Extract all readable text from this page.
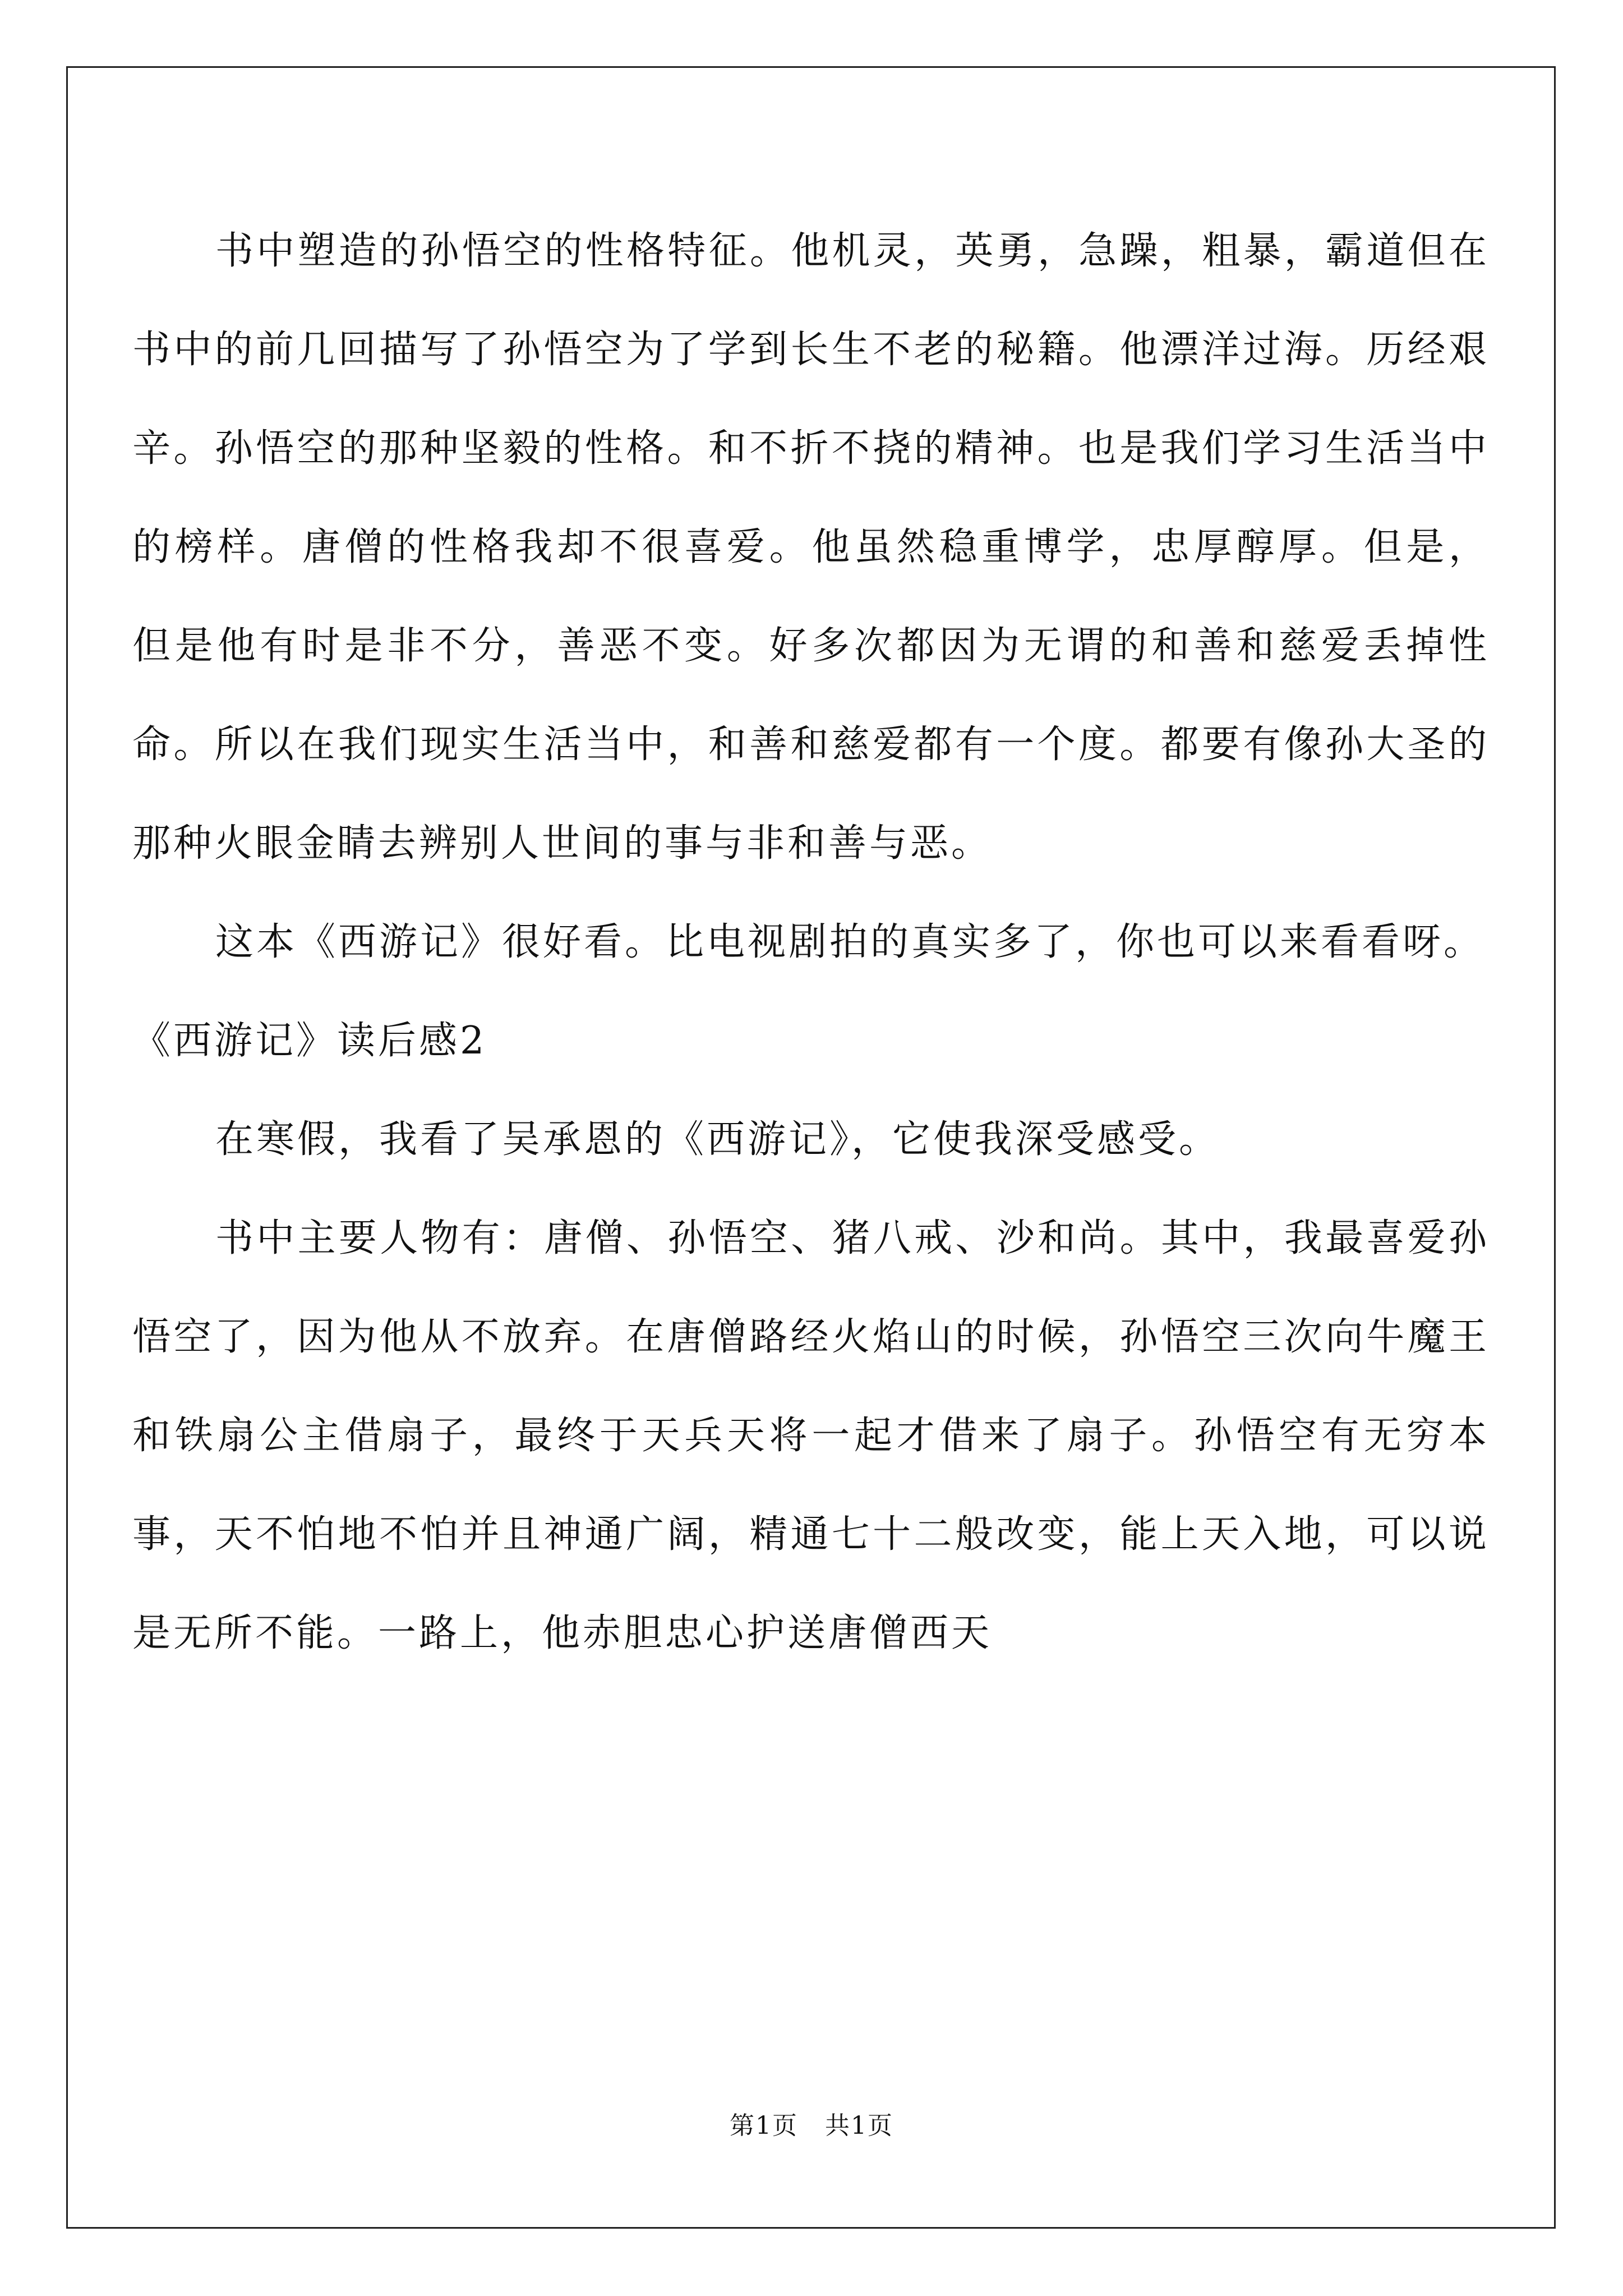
书中塑造的孙悟空的性格特征。他机灵，英勇，急躁，粗暴，霸道但在书中的前几回描写了孙悟空为了学到长生不老的秘籍。他漂洋过海。历经艰辛。孙悟空的那种坚毅的性格。和不折不挠的精神。也是我们学习生活当中的榜样。唐僧的性格我却不很喜爱。他虽然稳重博学，忠厚醇厚。但是， 但是他有时是非不分，善恶不变。好多次都因为无谓的和善和慈爱丢掉性命。所以在我们现实生活当中，和善和慈爱都有一个度。都要有像孙大圣的那种火眼金睛去辨别人世间的事与非和善与恶。

这本《西游记》很好看。比电视剧拍的真实多了，你也可以来看看呀。

《西游记》读后感2

在寒假，我看了吴承恩的《西游记》，它使我深受感受。

书中主要人物有：唐僧、孙悟空、猪八戒、沙和尚。其中，我最喜爱孙悟空了，因为他从不放弃。在唐僧路经火焰山的时候，孙悟空三次向牛魔王和铁扇公主借扇子，最终于天兵天将一起才借来了扇子。孙悟空有无穷本事，天不怕地不怕并且神通广阔，精通七十二般改变，能上天入地，可以说是无所不能。一路上，他赤胆忠心护送唐僧西天

第1页 共1页
